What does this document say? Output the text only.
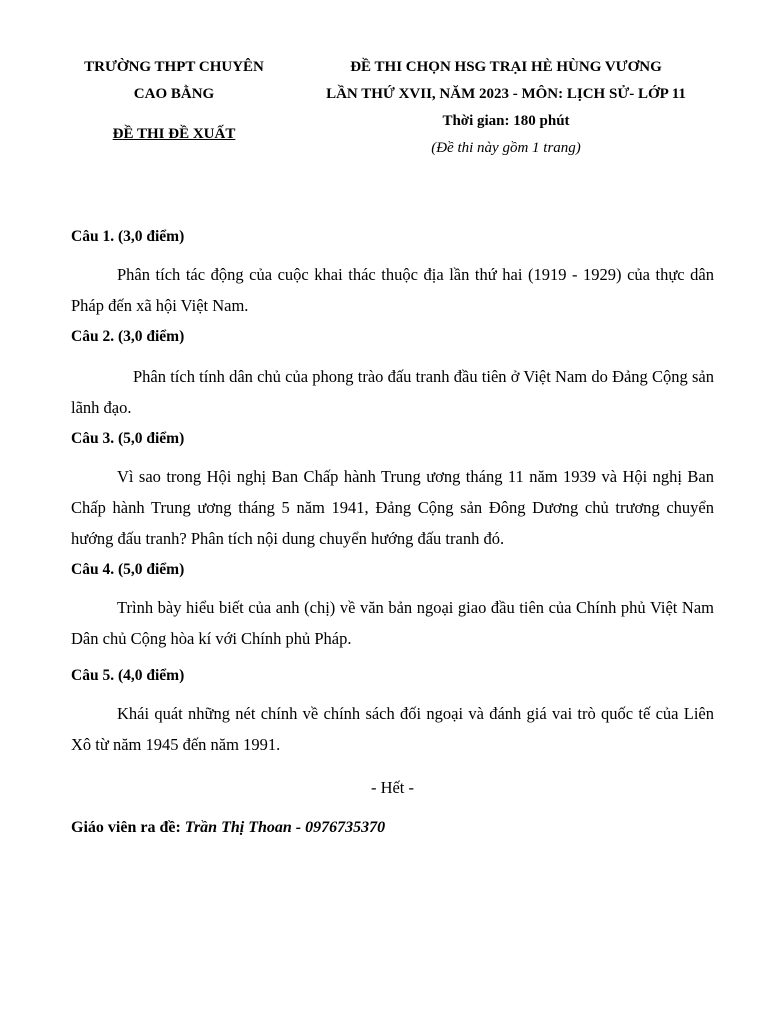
TRƯỜNG THPT CHUYÊN
CAO BẰNG
ĐỀ THI ĐỀ XUẤT
ĐỀ THI CHỌN HSG TRẠI HÈ HÙNG VƯƠNG
LẦN THỨ XVII, NĂM 2023 - MÔN: LỊCH SỬ- LỚP 11
Thời gian: 180 phút
(Đề thi này gồm 1 trang)

Câu 1. (3,0 điểm)

Phân tích tác động của cuộc khai thác thuộc địa lần thứ hai (1919 - 1929) của thực dân Pháp đến xã hội Việt Nam.

Câu 2. (3,0 điểm)

Phân tích tính dân chủ của phong trào đấu tranh đầu tiên ở Việt Nam do Đảng Cộng sản lãnh đạo.

Câu 3. (5,0 điểm)

Vì sao trong Hội nghị Ban Chấp hành Trung ương tháng 11 năm 1939 và Hội nghị Ban Chấp hành Trung ương tháng 5 năm 1941, Đảng Cộng sản Đông Dương chủ trương chuyển hướng đấu tranh? Phân tích nội dung chuyển hướng đấu tranh đó.

Câu 4. (5,0 điểm)

Trình bày hiểu biết của anh (chị) về văn bản ngoại giao đầu tiên của Chính phủ Việt Nam Dân chủ Cộng hòa kí với Chính phủ Pháp.

Câu 5. (4,0 điểm)

Khái quát những nét chính về chính sách đối ngoại và đánh giá vai trò quốc tế của Liên Xô từ năm 1945 đến năm 1991.

- Hết -
Giáo viên ra đề: Trần Thị Thoan - 0976735370
